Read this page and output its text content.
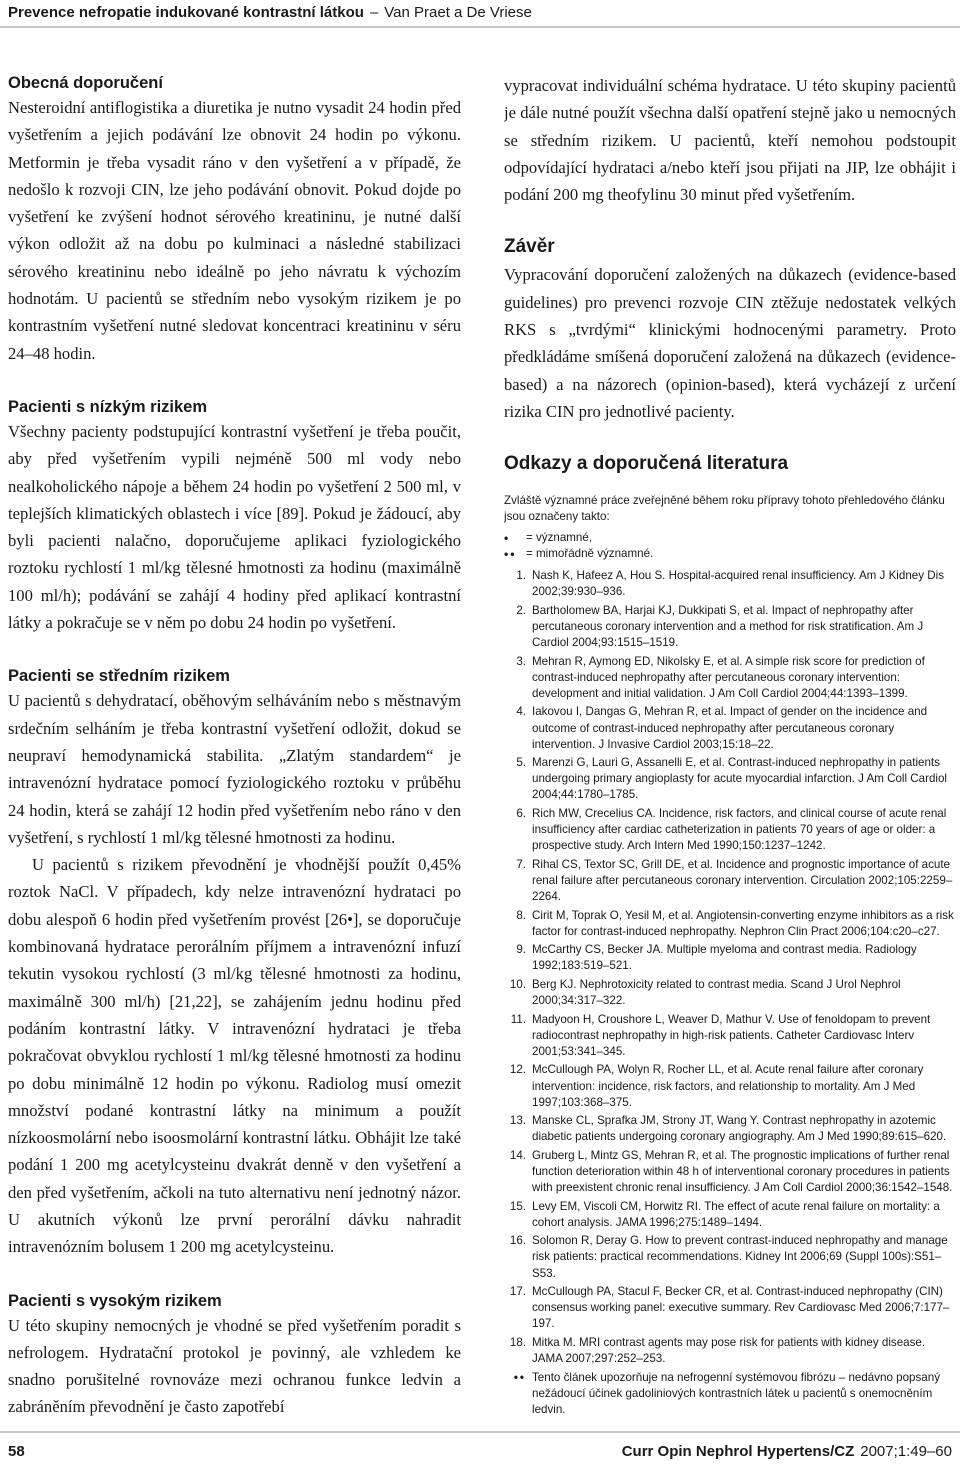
Prevence nefropatie indukované kontrastní látkou – Van Praet a De Vriese
Obecná doporučení

Nesteroidní antiflogistika a diuretika je nutno vysadit 24 hodin před vyšetřením a jejich podávání lze obnovit 24 hodin po výkonu. Metformin je třeba vysadit ráno v den vyšetření a v případě, že nedošlo k rozvoji CIN, lze jeho podávání obnovit. Pokud dojde po vyšetření ke zvýšení hodnot sérového kreatininu, je nutné další výkon odložit až na dobu po kulminaci a následné stabilizaci sérového kreatininu nebo ideálně po jeho návratu k výchozím hodnotám. U pacientů se středním nebo vysokým rizikem je po kontrastním vyšetření nutné sledovat koncentraci kreatininu v séru 24–48 hodin.

Pacienti s nízkým rizikem

Všechny pacienty podstupující kontrastní vyšetření je třeba poučit, aby před vyšetřením vypili nejméně 500 ml vody nebo nealkoholického nápoje a během 24 hodin po vyšetření 2 500 ml, v teplejších klimatických oblastech i více [89]. Pokud je žádoucí, aby byli pacienti nalačno, doporučujeme aplikaci fyziologického roztoku rychlostí 1 ml/kg tělesné hmotnosti za hodinu (maximálně 100 ml/h); podávání se zahájí 4 hodiny před aplikací kontrastní látky a pokračuje se v něm po dobu 24 hodin po vyšetření.

Pacienti se středním rizikem

U pacientů s dehydratací, oběhovým selháváním nebo s městnavým srdečním selháním je třeba kontrastní vyšetření odložit, dokud se neupraví hemodynamická stabilita. „Zlatým standardem“ je intravenózní hydratace pomocí fyziologického roztoku v průběhu 24 hodin, která se zahájí 12 hodin před vyšetřením nebo ráno v den vyšetření, s rychlostí 1 ml/kg tělesné hmotnosti za hodinu.

U pacientů s rizikem převodnění je vhodnější použít 0,45% roztok NaCl. V případech, kdy nelze intravenózní hydrataci po dobu alespoň 6 hodin před vyšetřením provést [26•], se doporučuje kombinovaná hydratace perorálním příjmem a intravenózní infuzí tekutin vysokou rychlostí (3 ml/kg tělesné hmotnosti za hodinu, maximálně 300 ml/h) [21,22], se zahájením jednu hodinu před podáním kontrastní látky. V intravenózní hydrataci je třeba pokračovat obvyklou rychlostí 1 ml/kg tělesné hmotnosti za hodinu po dobu minimálně 12 hodin po výkonu. Radiolog musí omezit množství podané kontrastní látky na minimum a použít nízkoosmolární nebo isoosmolární kontrastní látku. Obhájit lze také podání 1 200 mg acetylcysteinu dvakrát denně v den vyšetření a den před vyšetřením, ačkoli na tuto alternativu není jednotný názor. U akutních výkonů lze první perorální dávku nahradit intravenózním bolusem 1 200 mg acetylcysteinu.

Pacienti s vysokým rizikem

U této skupiny nemocných je vhodné se před vyšetřením poradit s nefrologem. Hydratační protokol je povinný, ale vzhledem ke snadno porušitelné rovnováze mezi ochranou funkce ledvin a zabráněním převodnění je často zapotřebí

vypracovat individuální schéma hydratace. U této skupiny pacientů je dále nutné použít všechna další opatření stejně jako u nemocných se středním rizikem. U pacientů, kteří nemohou podstoupit odpovídající hydrataci a/nebo kteří jsou přijati na JIP, lze obhájit i podání 200 mg theofylinu 30 minut před vyšetřením.

Závěr

Vypracování doporučení založených na důkazech (evidence-based guidelines) pro prevenci rozvoje CIN ztěžuje nedostatek velkých RKS s „tvrdými“ klinickými hodnocenými parametry. Proto předkládáme smíšená doporučení založená na důkazech (evidence-based) a na názorech (opinion-based), která vycházejí z určení rizika CIN pro jednotlivé pacienty.

Odkazy a doporučená literatura

Zvláště významné práce zveřejněné během roku přípravy tohoto přehledového článku jsou označeny takto:

•	= významné,
•• = mimořádně významné.
1. Nash K, Hafeez A, Hou S. Hospital-acquired renal insufficiency. Am J Kidney Dis 2002;39:930–936.
2. Bartholomew BA, Harjai KJ, Dukkipati S, et al. Impact of nephropathy after percutaneous coronary intervention and a method for risk stratification. Am J Cardiol 2004;93:1515–1519.
3. Mehran R, Aymong ED, Nikolsky E, et al. A simple risk score for prediction of contrast-induced nephropathy after percutaneous coronary intervention: development and initial validation. J Am Coll Cardiol 2004;44:1393–1399.
4. Iakovou I, Dangas G, Mehran R, et al. Impact of gender on the incidence and outcome of contrast-induced nephropathy after percutaneous coronary intervention. J Invasive Cardiol 2003;15:18–22.
5. Marenzi G, Lauri G, Assanelli E, et al. Contrast-induced nephropathy in patients undergoing primary angioplasty for acute myocardial infarction. J Am Coll Cardiol 2004;44:1780–1785.
6. Rich MW, Crecelius CA. Incidence, risk factors, and clinical course of acute renal insufficiency after cardiac catheterization in patients 70 years of age or older: a prospective study. Arch Intern Med 1990;150:1237–1242.
7. Rihal CS, Textor SC, Grill DE, et al. Incidence and prognostic importance of acute renal failure after percutaneous coronary intervention. Circulation 2002;105:2259–2264.
8. Cirit M, Toprak O, Yesil M, et al. Angiotensin-converting enzyme inhibitors as a risk factor for contrast-induced nephropathy. Nephron Clin Pract 2006;104:c20–c27.
9. McCarthy CS, Becker JA. Multiple myeloma and contrast media. Radiology 1992;183:519–521.
10. Berg KJ. Nephrotoxicity related to contrast media. Scand J Urol Nephrol 2000;34:317–322.
11. Madyoon H, Croushore L, Weaver D, Mathur V. Use of fenoldopam to prevent radiocontrast nephropathy in high-risk patients. Catheter Cardiovasc Interv 2001;53:341–345.
12. McCullough PA, Wolyn R, Rocher LL, et al. Acute renal failure after coronary intervention: incidence, risk factors, and relationship to mortality. Am J Med 1997;103:368–375.
13. Manske CL, Sprafka JM, Strony JT, Wang Y. Contrast nephropathy in azotemic diabetic patients undergoing coronary angiography. Am J Med 1990;89:615–620.
14. Gruberg L, Mintz GS, Mehran R, et al. The prognostic implications of further renal function deterioration within 48 h of interventional coronary procedures in patients with preexistent chronic renal insufficiency. J Am Coll Cardiol 2000;36:1542–1548.
15. Levy EM, Viscoli CM, Horwitz RI. The effect of acute renal failure on mortality: a cohort analysis. JAMA 1996;275:1489–1494.
16. Solomon R, Deray G. How to prevent contrast-induced nephropathy and manage risk patients: practical recommendations. Kidney Int 2006;69 (Suppl 100s):S51–S53.
17. McCullough PA, Stacul F, Becker CR, et al. Contrast-induced nephropathy (CIN) consensus working panel: executive summary. Rev Cardiovasc Med 2006;7:177–197.
18. Mitka M. MRI contrast agents may pose risk for patients with kidney disease. JAMA 2007;297:252–253.
•• Tento článek upozorňuje na nefrogenní systémovou fibrózu – nedávno popsaný nežádoucí účinek gadoliniových kontrastních látek u pacientů s onemocněním ledvin.
58	Curr Opin Nephrol Hypertens/CZ 2007;1:49–60
